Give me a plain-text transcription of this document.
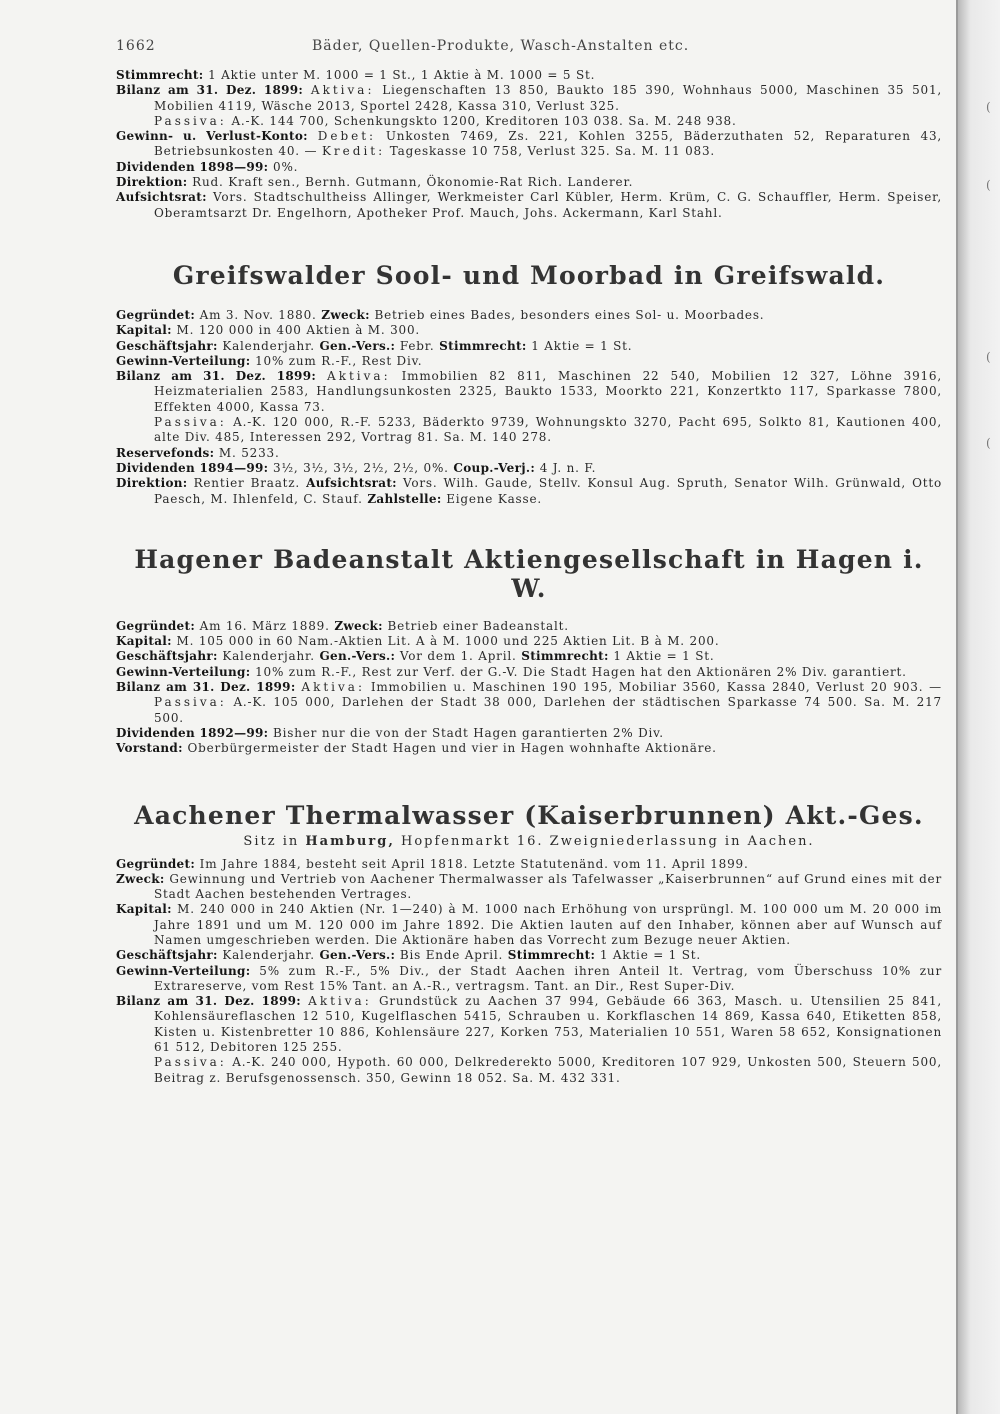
1662	Bäder, Quellen-Produkte, Wasch-Anstalten etc.

Stimmrecht: 1 Aktie unter M. 1000 = 1 St., 1 Aktie à M. 1000 = 5 St.

Bilanz am 31. Dez. 1899: Aktiva: Liegenschaften 13 850, Baukto 185 390, Wohnhaus 5000, Maschinen 35 501, Mobilien 4119, Wäsche 2013, Sportel 2428, Kassa 310, Verlust 325.
Passiva: A.-K. 144 700, Schenkungskto 1200, Kreditoren 103 038. Sa. M. 248 938.

Gewinn- u. Verlust-Konto: Debet: Unkosten 7469, Zs. 221, Kohlen 3255, Bäderzuthaten 52, Reparaturen 43, Betriebsunkosten 40. — Kredit: Tageskasse 10 758, Verlust 325. Sa. M. 11 083.

Dividenden 1898—99: 0%.

Direktion: Rud. Kraft sen., Bernh. Gutmann, Ökonomie-Rat Rich. Landerer.

Aufsichtsrat: Vors. Stadtschultheiss Allinger, Werkmeister Carl Kübler, Herm. Krüm, C. G. Schauffler, Herm. Speiser, Oberamtsarzt Dr. Engelhorn, Apotheker Prof. Mauch, Johs. Ackermann, Karl Stahl.

Greifswalder Sool- und Moorbad in Greifswald.

Gegründet: Am 3. Nov. 1880. Zweck: Betrieb eines Bades, besonders eines Sol- u. Moorbades.

Kapital: M. 120 000 in 400 Aktien à M. 300.

Geschäftsjahr: Kalenderjahr. Gen.-Vers.: Febr. Stimmrecht: 1 Aktie = 1 St.

Gewinn-Verteilung: 10% zum R.-F., Rest Div.

Bilanz am 31. Dez. 1899: Aktiva: Immobilien 82 811, Maschinen 22 540, Mobilien 12 327, Löhne 3916, Heizmaterialien 2583, Handlungsunkosten 2325, Baukto 1533, Moorkto 221, Konzertkto 117, Sparkasse 7800, Effekten 4000, Kassa 73.
Passiva: A.-K. 120 000, R.-F. 5233, Bäderkto 9739, Wohnungskto 3270, Pacht 695, Solkto 81, Kautionen 400, alte Div. 485, Interessen 292, Vortrag 81. Sa. M. 140 278.

Reservefonds: M. 5233.

Dividenden 1894—99: 3½, 3½, 3½, 2½, 2½, 0%. Coup.-Verj.: 4 J. n. F.

Direktion: Rentier Braatz. Aufsichtsrat: Vors. Wilh. Gaude, Stellv. Konsul Aug. Spruth, Senator Wilh. Grünwald, Otto Paesch, M. Ihlenfeld, C. Stauf. Zahlstelle: Eigene Kasse.

Hagener Badeanstalt Aktiengesellschaft in Hagen i. W.

Gegründet: Am 16. März 1889. Zweck: Betrieb einer Badeanstalt.

Kapital: M. 105 000 in 60 Nam.-Aktien Lit. A à M. 1000 und 225 Aktien Lit. B à M. 200.

Geschäftsjahr: Kalenderjahr. Gen.-Vers.: Vor dem 1. April. Stimmrecht: 1 Aktie = 1 St.

Gewinn-Verteilung: 10% zum R.-F., Rest zur Verf. der G.-V. Die Stadt Hagen hat den Aktionären 2% Div. garantiert.

Bilanz am 31. Dez. 1899: Aktiva: Immobilien u. Maschinen 190 195, Mobiliar 3560, Kassa 2840, Verlust 20 903. — Passiva: A.-K. 105 000, Darlehen der Stadt 38 000, Darlehen der städtischen Sparkasse 74 500. Sa. M. 217 500.

Dividenden 1892—99: Bisher nur die von der Stadt Hagen garantierten 2% Div.

Vorstand: Oberbürgermeister der Stadt Hagen und vier in Hagen wohnhafte Aktionäre.

Aachener Thermalwasser (Kaiserbrunnen) Akt.-Ges.

Sitz in Hamburg, Hopfenmarkt 16. Zweigniederlassung in Aachen.

Gegründet: Im Jahre 1884, besteht seit April 1818. Letzte Statutenänd. vom 11. April 1899.

Zweck: Gewinnung und Vertrieb von Aachener Thermalwasser als Tafelwasser „Kaiserbrunnen“ auf Grund eines mit der Stadt Aachen bestehenden Vertrages.

Kapital: M. 240 000 in 240 Aktien (Nr. 1—240) à M. 1000 nach Erhöhung von ursprüngl. M. 100 000 um M. 20 000 im Jahre 1891 und um M. 120 000 im Jahre 1892. Die Aktien lauten auf den Inhaber, können aber auf Wunsch auf Namen umgeschrieben werden. Die Aktionäre haben das Vorrecht zum Bezuge neuer Aktien.

Geschäftsjahr: Kalenderjahr. Gen.-Vers.: Bis Ende April. Stimmrecht: 1 Aktie = 1 St.

Gewinn-Verteilung: 5% zum R.-F., 5% Div., der Stadt Aachen ihren Anteil lt. Vertrag, vom Überschuss 10% zur Extrareserve, vom Rest 15% Tant. an A.-R., vertragsm. Tant. an Dir., Rest Super-Div.

Bilanz am 31. Dez. 1899: Aktiva: Grundstück zu Aachen 37 994, Gebäude 66 363, Masch. u. Utensilien 25 841, Kohlensäureflaschen 12 510, Kugelflaschen 5415, Schrauben u. Korkflaschen 14 869, Kassa 640, Etiketten 858, Kisten u. Kistenbretter 10 886, Kohlensäure 227, Korken 753, Materialien 10 551, Waren 58 652, Konsignationen 61 512, Debitoren 125 255.
Passiva: A.-K. 240 000, Hypoth. 60 000, Delkrederekto 5000, Kreditoren 107 929, Unkosten 500, Steuern 500, Beitrag z. Berufsgenossensch. 350, Gewinn 18 052. Sa. M. 432 331.

(
(
(
(
